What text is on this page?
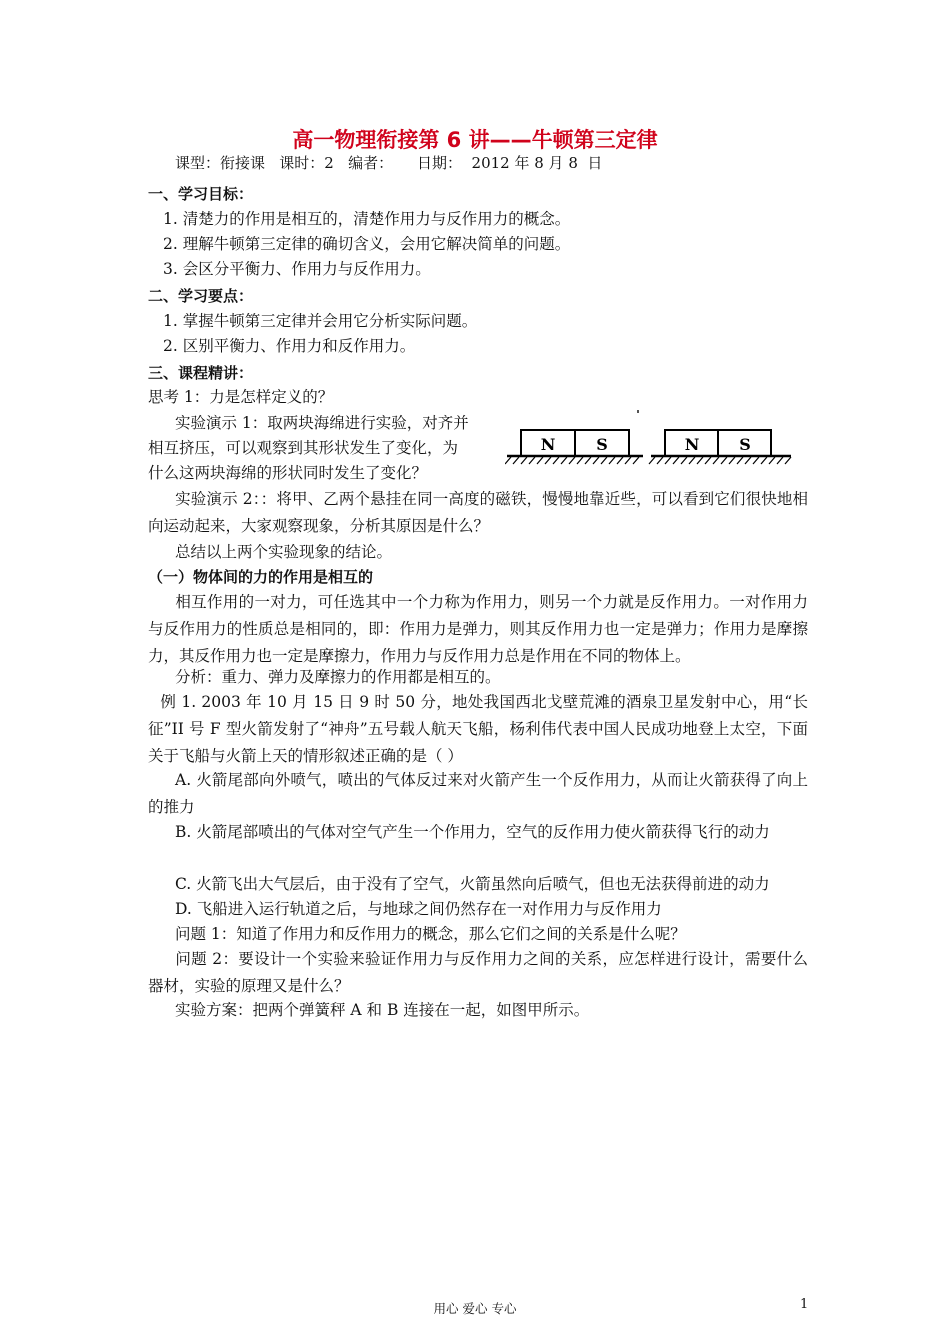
高一物理衔接第 6 讲——牛顿第三定律
课型：衔接课   课时：2   编者：     日期：  2012 年 8 月 8  日
一、学习目标：
1. 清楚力的作用是相互的，清楚作用力与反作用力的概念。
2. 理解牛顿第三定律的确切含义，会用它解决简单的问题。
3. 会区分平衡力、作用力与反作用力。
二、学习要点：
1. 掌握牛顿第三定律并会用它分析实际问题。
2. 区别平衡力、作用力和反作用力。
三、课程精讲：
思考 1：力是怎样定义的？
实验演示 1：取两块海绵进行实验，对齐并
相互挤压，可以观察到其形状发生了变化，为
什么这两块海绵的形状同时发生了变化？
N	S	N S
实验演示 2：：将甲、乙两个悬挂在同一高度的磁铁，慢慢地靠近些，可以看到它们很快地相向运动起来，大家观察现象，分析其原因是什么？
总结以上两个实验现象的结论。
（一）物体间的力的作用是相互的
相互作用的一对力，可任选其中一个力称为作用力，则另一个力就是反作用力。一对作用力与反作用力的性质总是相同的，即：作用力是弹力，则其反作用力也一定是弹力；作用力是摩擦力，其反作用力也一定是摩擦力，作用力与反作用力总是作用在不同的物体上。
分析：重力、弹力及摩擦力的作用都是相互的。
例 1. 2003 年 10 月 15 日 9 时 50 分，地处我国西北戈壁荒滩的酒泉卫星发射中心，用“长征”II 号 F 型火箭发射了“神舟”五号载人航天飞船，杨利伟代表中国人民成功地登上太空，下面关于飞船与火箭上天的情形叙述正确的是（ ）
A. 火箭尾部向外喷气，喷出的气体反过来对火箭产生一个反作用力，从而让火箭获得了向上的推力
B. 火箭尾部喷出的气体对空气产生一个作用力，空气的反作用力使火箭获得飞行的动力
C. 火箭飞出大气层后，由于没有了空气，火箭虽然向后喷气，但也无法获得前进的动力
D. 飞船进入运行轨道之后，与地球之间仍然存在一对作用力与反作用力
问题 1：知道了作用力和反作用力的概念，那么它们之间的关系是什么呢？
问题 2：要设计一个实验来验证作用力与反作用力之间的关系，应怎样进行设计，需要什么器材，实验的原理又是什么？
实验方案：把两个弹簧秤 A 和 B 连接在一起，如图甲所示。
用心 爱心 专心	1
